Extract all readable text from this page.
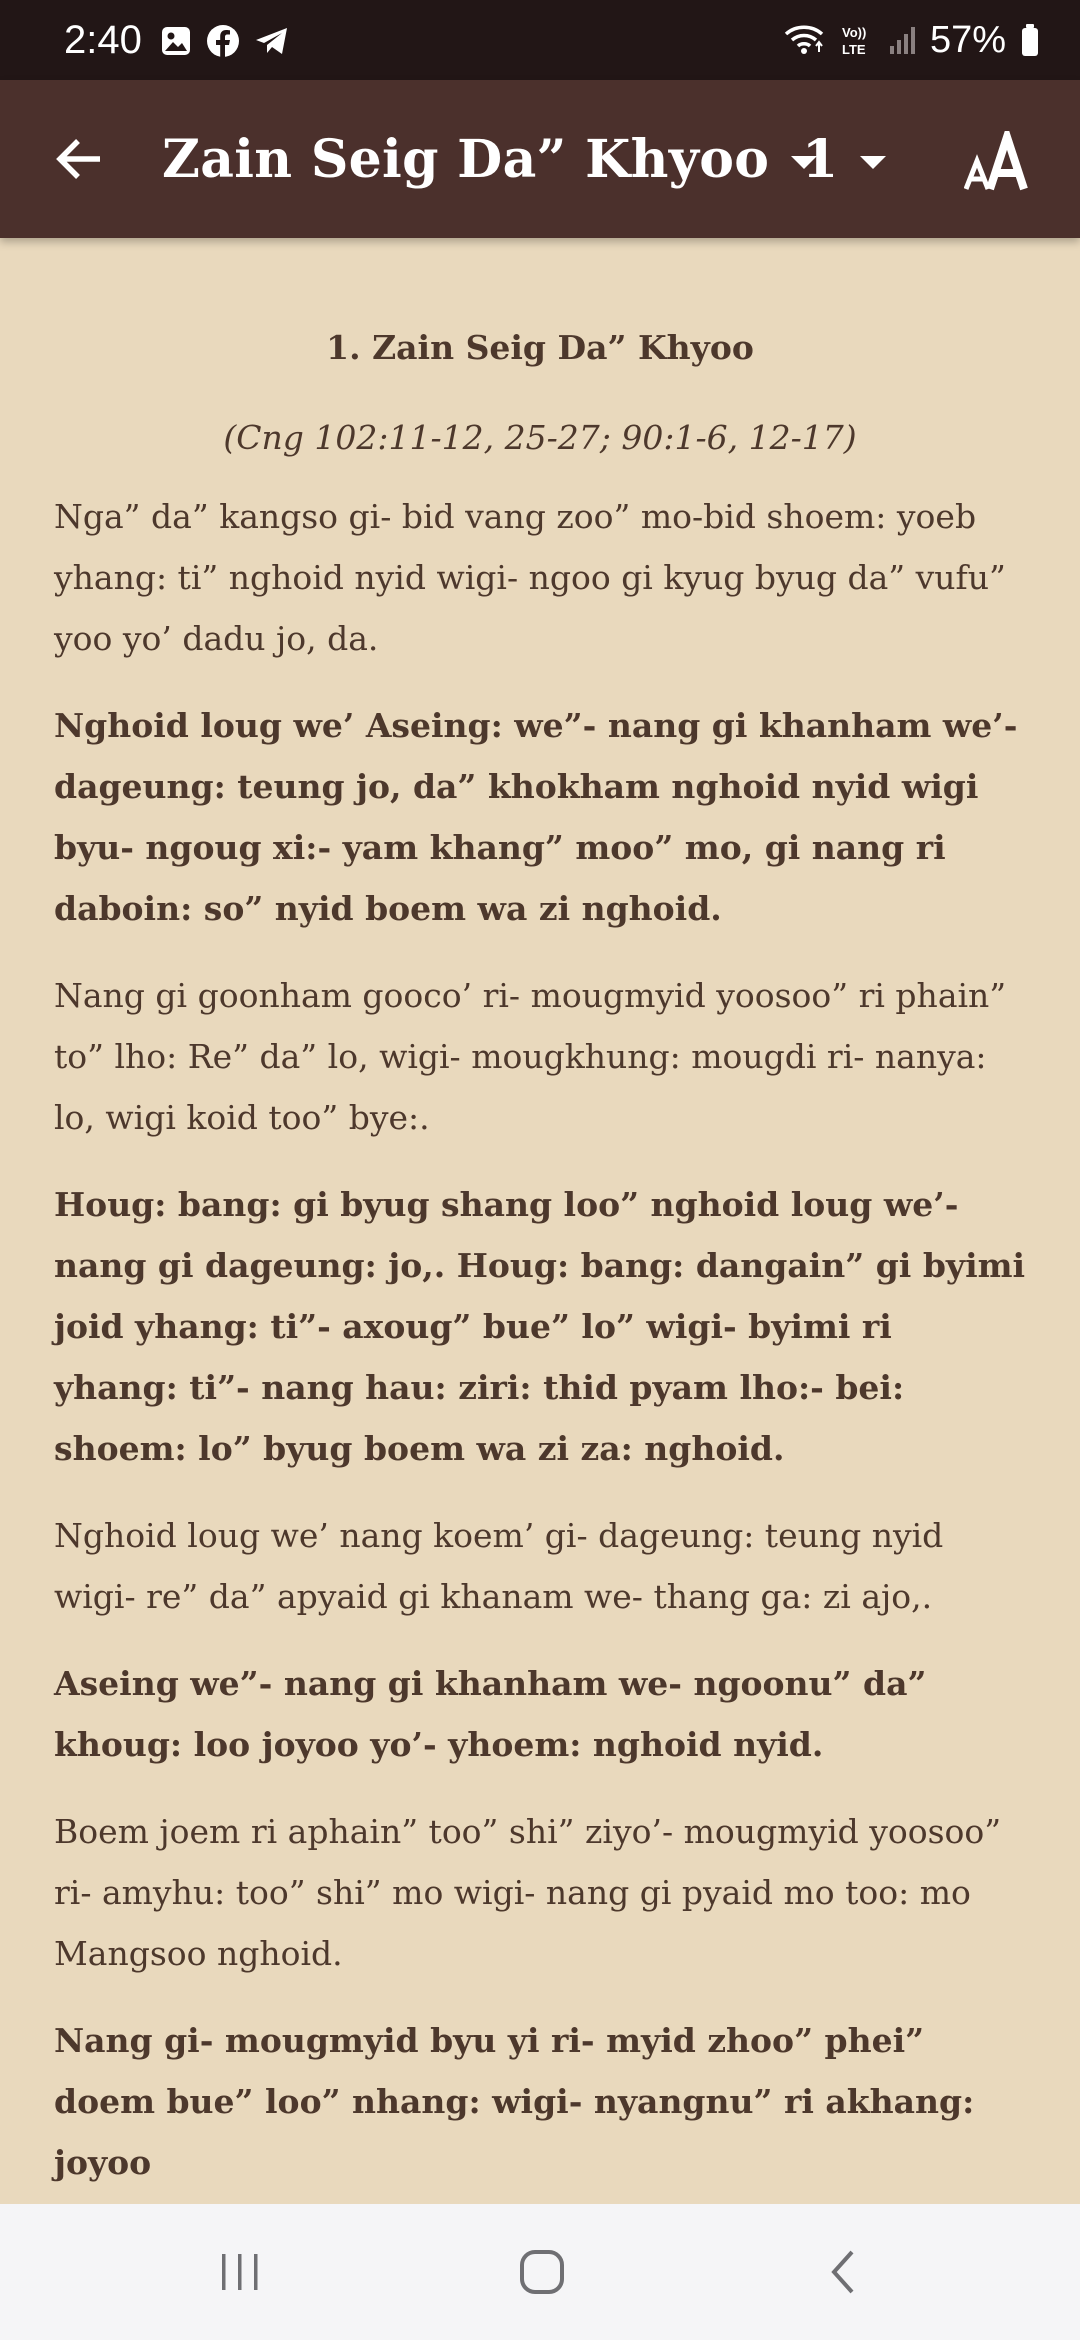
2:40	Vo))
LTE 57%
Zain Seig Da” Khyoo 1
1. Zain Seig Da” Khyoo
(Cng 102:11-12, 25-27; 90:1-6, 12-17)

Nga” da” kangso gi- bid vang zoo” mo-bid shoem: yoeb yhang: ti” nghoid nyid wigi- ngoo gi kyug byug da” vufu” yoo yo’ dadu jo, da.

Nghoid loug we’ Aseing: we”- nang gi khanham we’- dageung: teung jo, da” khokham nghoid nyid wigi byu- ngoug xi:- yam khang” moo” mo, gi nang ri daboin: so” nyid boem wa zi nghoid.

Nang gi goonham gooco’ ri- mougmyid yoosoo” ri phain” to” lho: Re” da” lo, wigi- mougkhung: mougdi ri- nanya: lo, wigi koid too” bye:.

Houg: bang: gi byug shang loo” nghoid loug we’- nang gi dageung: jo,. Houg: bang: dangain” gi byimi joid yhang: ti”- axoug” bue” lo” wigi- byimi ri yhang: ti”- nang hau: ziri: thid pyam lho:- bei: shoem: lo” byug boem wa zi za: nghoid.

Nghoid loug we’ nang koem’ gi- dageung: teung nyid wigi- re” da” apyaid gi khanam we- thang ga: zi ajo,.

Aseing we”- nang gi khanham we- ngoonu” da” khoug: loo joyoo yo’- yhoem: nghoid nyid.

Boem joem ri aphain” too” shi” ziyo’- mougmyid yoosoo” ri- amyhu: too” shi” mo wigi- nang gi pyaid mo too: mo Mangsoo nghoid.

Nang gi- mougmyid byu yi ri- myid zhoo” phei” doem bue” loo” nhang: wigi- nyangnu” ri akhang: joyoo
